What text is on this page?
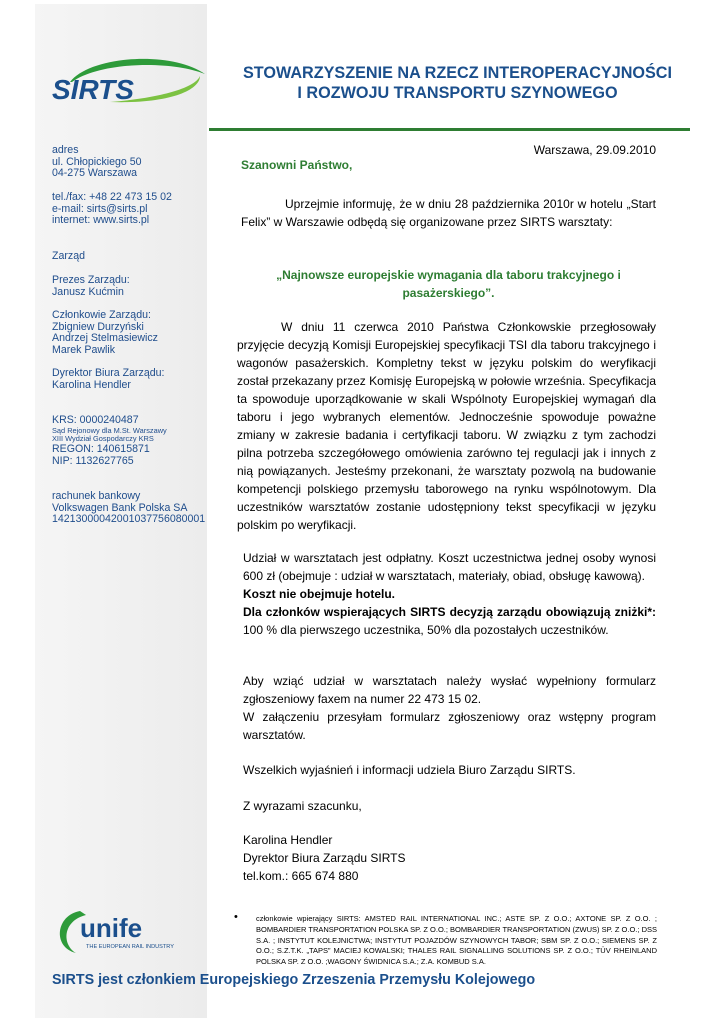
SIRTS
STOWARZYSZENIE NA RZECZ INTEROPERACYJNOŚCI
I ROZWOJU TRANSPORTU SZYNOWEGO
adres
ul. Chłopickiego 50
04-275 Warszawa
tel./fax: +48 22 473 15 02
e-mail: sirts@sirts.pl
internet: www.sirts.pl
Zarząd
Prezes Zarządu:
Janusz Kućmin
Członkowie Zarządu:
Zbigniew Durzyński
Andrzej Stelmasiewicz
Marek Pawlik
Dyrektor Biura Zarządu:
Karolina Hendler
KRS: 0000240487
Sąd Rejonowy dla M.St. Warszawy
XIII Wydział Gospodarczy KRS
REGON: 140615871
NIP: 1132627765
rachunek bankowy
Volkswagen Bank Polska SA
14213000042001037756080001
Warszawa, 29.09.2010
Szanowni Państwo,
Uprzejmie informuję, że w dniu 28 października 2010r w hotelu „Start Felix” w Warszawie odbędą się organizowane przez SIRTS warsztaty:
„Najnowsze europejskie wymagania dla taboru trakcyjnego i
pasażerskiego”.
W dniu 11 czerwca 2010 Państwa Członkowskie przegłosowały przyjęcie decyzją Komisji Europejskiej specyfikacji TSI dla taboru trakcyjnego i wagonów pasażerskich. Kompletny tekst w języku polskim do weryfikacji został przekazany przez Komisję Europejską w połowie września. Specyfikacja ta spowoduje uporządkowanie w skali Wspólnoty Europejskiej wymagań dla taboru i jego wybranych elementów. Jednocześnie spowoduje poważne zmiany w zakresie badania i certyfikacji taboru. W związku z tym zachodzi pilna potrzeba szczegółowego omówienia zarówno tej regulacji jak i innych z nią powiązanych. Jesteśmy przekonani, że warsztaty pozwolą na budowanie kompetencji polskiego przemysłu taborowego na rynku wspólnotowym. Dla uczestników warsztatów zostanie udostępniony tekst specyfikacji w języku polskim po weryfikacji.
Udział w warsztatach jest odpłatny. Koszt uczestnictwa jednej osoby wynosi 600 zł (obejmuje : udział w warsztatach, materiały, obiad, obsługę kawową).
Koszt nie obejmuje hotelu.
Dla członków wspierających SIRTS decyzją zarządu obowiązują zniżki*: 100 % dla pierwszego uczestnika, 50% dla pozostałych uczestników.
Aby wziąć udział w warsztatach należy wysłać wypełniony formularz zgłoszeniowy faxem na numer 22 473 15 02.
W załączeniu przesyłam formularz zgłoszeniowy oraz wstępny program warsztatów.
Wszelkich wyjaśnień i informacji udziela Biuro Zarządu SIRTS.
Z wyrazami szacunku,
Karolina Hendler
Dyrektor Biura Zarządu SIRTS
tel.kom.: 665 674 880
unife
THE EUROPEAN RAIL INDUSTRY
• członkowie wpierający SIRTS: AMSTED RAIL INTERNATIONAL INC.; ASTE SP. Z O.O.; AXTONE SP. Z O.O. ; BOMBARDIER TRANSPORTATION POLSKA SP. Z O.O.; BOMBARDIER TRANSPORTATION (ZWUS) SP. Z O.O.; DSS S.A. ; INSTYTUT KOLEJNICTWA; INSTYTUT POJAZDÓW SZYNOWYCH TABOR; SBM SP. Z O.O.; SIEMENS SP. Z O.O.; S.Z.T.K. „TAPS” MACIEJ KOWALSKI; THALES RAIL SIGNALLING SOLUTIONS SP. Z O.O.; TÜV RHEINLAND POLSKA SP. Z O.O. ;WAGONY ŚWIDNICA S.A.; Z.A. KOMBUD S.A.
SIRTS jest członkiem Europejskiego Zrzeszenia Przemysłu Kolejowego
